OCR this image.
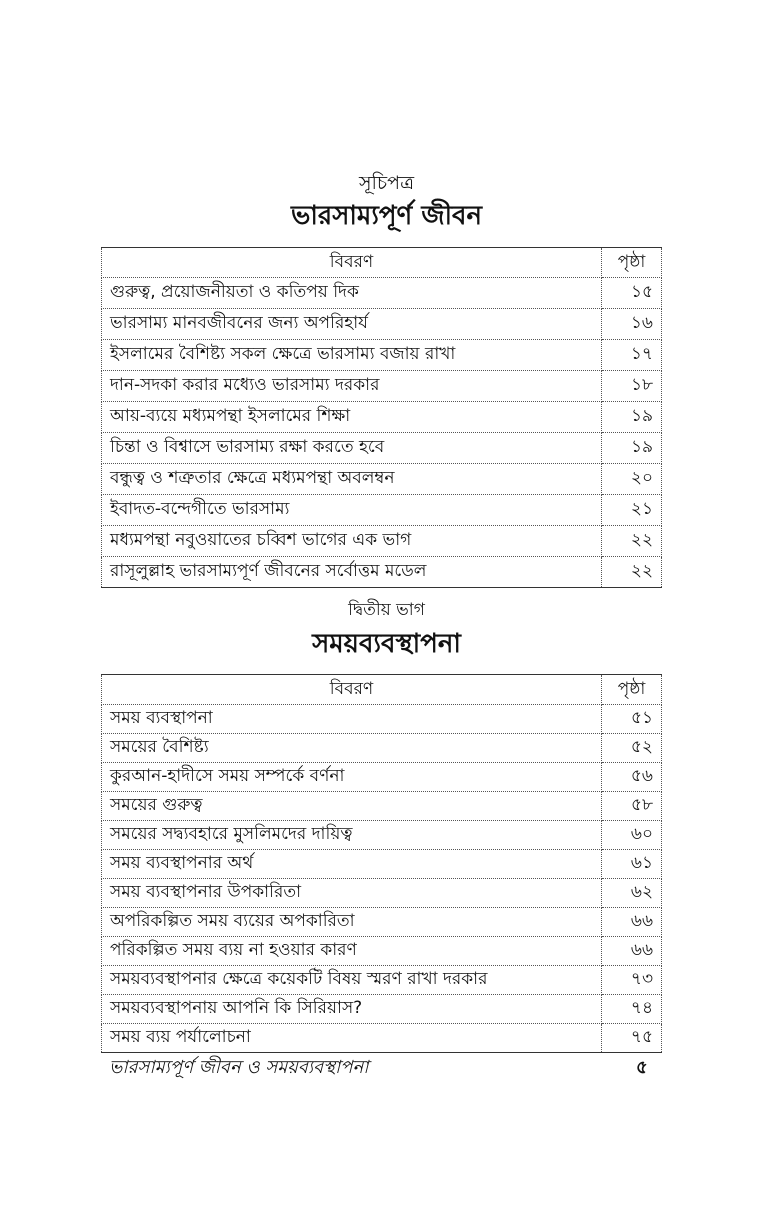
সূচিপত্র
ভারসাম্যপূর্ণ জীবন
বিবরণ	পৃষ্ঠা
গুরুত্ব, প্রয়োজনীয়তা ও কতিপয় দিক	১৫
ভারসাম্য মানবজীবনের জন্য অপরিহার্য	১৬
ইসলামের বৈশিষ্ট্য সকল ক্ষেত্রে ভারসাম্য বজায় রাখা	১৭
দান-সদকা করার মধ্যেও ভারসাম্য দরকার	১৮
আয়-ব্যয়ে মধ্যমপন্থা ইসলামের শিক্ষা	১৯
চিন্তা ও বিশ্বাসে ভারসাম্য রক্ষা করতে হবে	১৯
বন্ধুত্ব ও শত্রুতার ক্ষেত্রে মধ্যমপন্থা অবলম্বন	২০
ইবাদত-বন্দেগীতে ভারসাম্য	২১
মধ্যমপন্থা নবুওয়াতের চব্বিশ ভাগের এক ভাগ	২২
রাসূলুল্লাহ ভারসাম্যপূর্ণ জীবনের সর্বোত্তম মডেল	২২
দ্বিতীয় ভাগ
সময়ব্যবস্থাপনা
বিবরণ	পৃষ্ঠা
সময় ব্যবস্থাপনা	৫১
সময়ের বৈশিষ্ট্য	৫২
কুরআন-হাদীসে সময় সম্পর্কে বর্ণনা	৫৬
সময়ের গুরুত্ব	৫৮
সময়ের সদ্ব্যবহারে মুসলিমদের দায়িত্ব	৬০
সময় ব্যবস্থাপনার অর্থ	৬১
সময় ব্যবস্থাপনার উপকারিতা	৬২
অপরিকল্পিত সময় ব্যয়ের অপকারিতা	৬৬
পরিকল্পিত সময় ব্যয় না হওয়ার কারণ	৬৬
সময়ব্যবস্থাপনার ক্ষেত্রে কয়েকটি বিষয় স্মরণ রাখা দরকার	৭৩
সময়ব্যবস্থাপনায় আপনি কি সিরিয়াস?	৭৪
সময় ব্যয় পর্যালোচনা	৭৫
ভারসাম্যপূর্ণ জীবন ও সময়ব্যবস্থাপনা	৫
